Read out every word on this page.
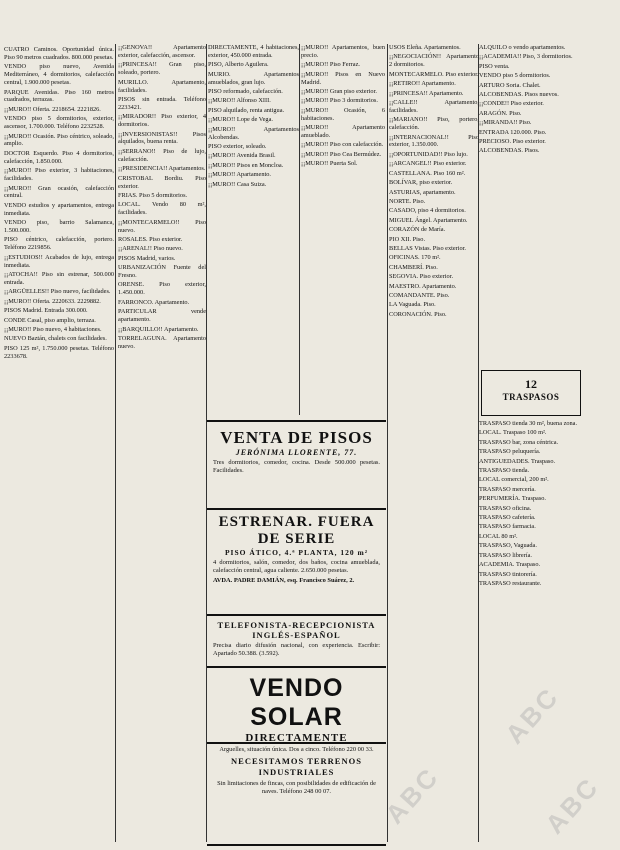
CUATRO Caminos. Oportunidad única. Piso 90 metros cuadrados. 800.000 pesetas.

VENDO piso nuevo, Avenida Mediterráneo, 4 dormitorios, calefacción central, 1.900.000 pesetas.

PARQUE Avenidas. Piso 160 metros cuadrados, terrazas.

¡¡MURO!! Oferta. 2218654. 2221826.

VENDO piso 5 dormitorios, exterior, ascensor, 1.700.000. Teléfono 2232528.

¡¡MURO!! Ocasión. Piso céntrico, soleado, amplio.

DOCTOR Esquerdo. Piso 4 dormitorios, calefacción, 1.850.000.

¡¡MURO!! Piso exterior, 3 habitaciones, facilidades.

¡¡MURO!! Gran ocasión, calefacción central.

VENDO estudios y apartamentos, entrega inmediata.

VENDO piso, barrio Salamanca, 1.500.000.

PISO céntrico, calefacción, portero. Teléfono 2219856.

¡¡ESTUDIOS!! Acabados de lujo, entrega inmediata.

¡¡ATOCHA!! Piso sin estrenar, 500.000 entrada.

¡¡ARGÜELLES!! Piso nuevo, facilidades.

¡¡MURO!! Oferta. 2220633. 2229882.

PISOS Madrid. Entrada 300.000.

CONDE Casal, piso amplio, terraza.

¡¡MURO!! Piso nuevo, 4 habitaciones.

NUEVO Baztán, chalets con facilidades.

PISO 125 m², 1.750.000 pesetas. Teléfono 2233678.

¡¡GENOVA!! Apartamento exterior, calefacción, ascensor.

¡¡PRINCESA!! Gran piso, soleado, portero.

MURILLO. Apartamento, facilidades.

PISOS sin entrada. Teléfono 2233421.

¡¡MIRADOR!! Piso exterior, 4 dormitorios.

¡¡INVERSIONISTAS!! Pisos alquilados, buena renta.

¡¡SERRANO!! Piso de lujo, calefacción.

¡¡PRESIDENCIA!! Apartamentos.

CRISTOBAL Bordiu. Piso exterior.

FRIAS. Piso 5 dormitorios.

LOCAL. Vendo 80 m², facilidades.

¡¡MONTECARMELO!! Piso nuevo.

ROSALES. Piso exterior.

¡¡ARENAL!! Piso nuevo.

PISOS Madrid, varios.

URBANIZACIÓN Fuente del Fresno.

ORENSE. Piso exterior, 1.450.000.

FARRONCO. Apartamento.

PARTICULAR vende apartamento.

¡¡BARQUILLO!! Apartamento.

TORRELAGUNA. Apartamento nuevo.

DIRECTAMENTE, 4 habitaciones, exterior, 450.000 entrada.

PISO, Alberto Aguilera.

MURIO. Apartamentos amueblados, gran lujo.

PISO reformado, calefacción.

¡¡MURO!! Alfonso XIII.

PISO alquilado, renta antigua.

¡¡MURO!! Lope de Vega.

¡¡MURO!! Apartamentos Alcobendas.

PISO exterior, soleado.

¡¡MURO!! Avenida Brasil.

¡¡MURO!! Pisos en Moncloa.

¡¡MURO!! Apartamento.

¡¡MURO!! Casa Suiza.

¡¡MURO!! Apartamentos, buen precio.

¡¡MURO!! Piso Ferraz.

¡¡MURO!! Pisos en Nuevo Madrid.

¡¡MURO!! Gran piso exterior.

¡¡MURO!! Piso 3 dormitorios.

¡¡MURO!! Ocasión, 6 habitaciones.

¡¡MURO!! Apartamento amueblado.

¡¡MURO!! Piso con calefacción.

¡¡MURO!! Piso Cea Bermúdez.

¡¡MURO!! Puerta Sol.

USOS Eleña. Apartamentos.

¡¡NEGOCIACIÓN!! Apartamento 2 dormitorios.

MONTECARMELO. Piso exterior.

¡¡RETIRO!! Apartamento.

¡¡PRINCESA!! Apartamento.

¡¡CALLE!! Apartamento, facilidades.

¡¡MARIANO!! Piso, portero, calefacción.

¡¡INTERNACIONAL!! Piso exterior, 1.350.000.

¡¡OPORTUNIDAD!! Piso lujo.

¡¡ARCANGEL!! Piso exterior.

CASTELLANA. Piso 160 m².

BOLÍVAR, piso exterior.

ASTURIAS, apartamento.

NORTE. Piso.

CASADO, piso 4 dormitorios.

MIGUEL Ángel. Apartamento.

CORAZÓN de María.

PIO XII. Piso.

BELLAS Vistas. Piso exterior.

OFICINAS. 170 m².

CHAMBERÍ. Piso.

SEGOVIA. Piso exterior.

MAESTRO. Apartamento.

COMANDANTE. Piso.

LA Vaguada. Piso.

CORONACIÓN. Piso.

ALQUILO o vendo apartamentos.

¡¡ACADEMIA!! Piso, 3 dormitorios.

PISO venta.

VENDO piso 5 dormitorios.

ARTURO Soria. Chalet.

ALCOBENDAS. Pisos nuevos.

¡¡CONDE!! Piso exterior.

ARAGÓN. Piso.

¡¡MIRANDA!! Piso.

ENTRADA 120.000. Piso.

PRECIOSO. Piso exterior.

ALCOBENDAS. Pisos.

12
TRASPASOS

TRASPASO tienda 30 m², buena zona.

LOCAL. Traspaso 100 m².

TRASPASO bar, zona céntrica.

TRASPASO peluquería.

ANTIGUEDADES. Traspaso.

TRASPASO tienda.

LOCAL comercial, 200 m².

TRASPASO mercería.

PERFUMERÍA. Traspaso.

TRASPASO oficina.

TRASPASO cafetería.

TRASPASO farmacia.

LOCAL 80 m².

TRASPASO, Vaguada.

TRASPASO librería.

ACADEMIA. Traspaso.

TRASPASO tintorería.

TRASPASO restaurante.

VENTA DE PISOS
JERÓNIMA LLORENTE, 77.
Tres dormitorios, comedor, cocina. Desde 500.000 pesetas. Facilidades.
ESTRENAR. FUERA DE SERIE
PISO ÁTICO, 4.ª PLANTA, 120 m²
4 dormitorios, salón, comedor, dos baños, cocina amueblada, calefacción central, agua caliente. 2.650.000 pesetas.
AVDA. PADRE DAMIÁN, esq. Francisco Suárez, 2.
TELEFONISTA-RECEPCIONISTA
INGLÉS-ESPAÑOL
Precisa diario difusión nacional, con experiencia. Escribir: Apartado 50.388. (3.592).
VENDO SOLAR
DIRECTAMENTE
Arguelles, situación única. Dos a cinco. Teléfono 220 00 33.
NECESITAMOS TERRENOS INDUSTRIALES
Sin limitaciones de fincas, con posibilidades de edificación de naves. Teléfono 248 00 07.	ABC
ABC
ABC
